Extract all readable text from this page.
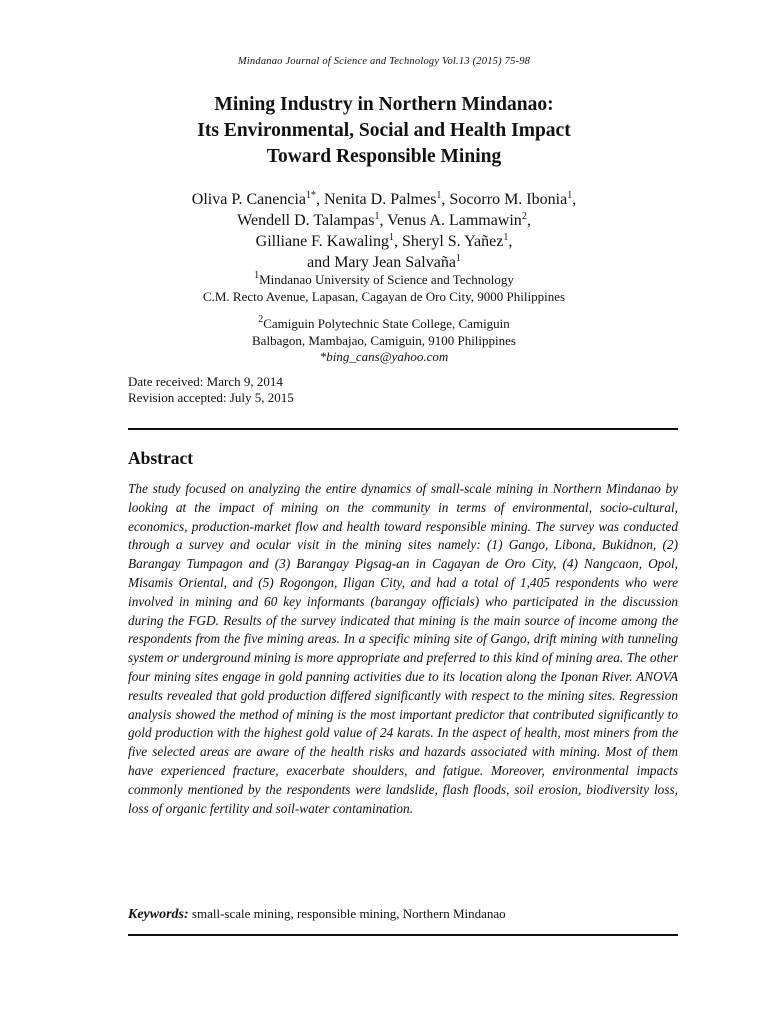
Mindanao Journal of Science and Technology Vol.13 (2015) 75-98
Mining Industry in Northern Mindanao:
Its Environmental, Social and Health Impact
Toward Responsible Mining
Oliva P. Canencia$^{1*}$, Nenita D. Palmes$^1$, Socorro M. Ibonia$^1$,
Wendell D. Talampas$^1$, Venus A. Lammawin$^2$,
Gilliane F. Kawaling$^1$, Sheryl S. Yañez$^1$,
and Mary Jean Salvaña$^1$
$^1$Mindanao University of Science and Technology
C.M. Recto Avenue, Lapasan, Cagayan de Oro City, 9000 Philippines
$^2$Camiguin Polytechnic State College, Camiguin
Balbagon, Mambajao, Camiguin, 9100 Philippines
*bing_cans@yahoo.com
Date received: March 9, 2014
Revision accepted: July 5, 2015
Abstract

The study focused on analyzing the entire dynamics of small-scale mining in Northern Mindanao by looking at the impact of mining on the community in terms of environmental, socio-cultural, economics, production-market flow and health toward responsible mining. The survey was conducted through a survey and ocular visit in the mining sites namely: (1) Gango, Libona, Bukidnon, (2) Barangay Tumpagon and (3) Barangay Pigsag-an in Cagayan de Oro City, (4) Nangcaon, Opol, Misamis Oriental, and (5) Rogongon, Iligan City, and had a total of 1,405 respondents who were involved in mining and 60 key informants (barangay officials) who participated in the discussion during the FGD. Results of the survey indicated that mining is the main source of income among the respondents from the five mining areas. In a specific mining site of Gango, drift mining with tunneling system or underground mining is more appropriate and preferred to this kind of mining area. The other four mining sites engage in gold panning activities due to its location along the Iponan River. ANOVA results revealed that gold production differed significantly with respect to the mining sites. Regression analysis showed the method of mining is the most important predictor that contributed significantly to gold production with the highest gold value of 24 karats. In the aspect of health, most miners from the five selected areas are aware of the health risks and hazards associated with mining. Most of them have experienced fracture, exacerbate shoulders, and fatigue. Moreover, environmental impacts commonly mentioned by the respondents were landslide, flash floods, soil erosion, biodiversity loss, loss of organic fertility and soil-water contamination.

Keywords: small-scale mining, responsible mining, Northern Mindanao
